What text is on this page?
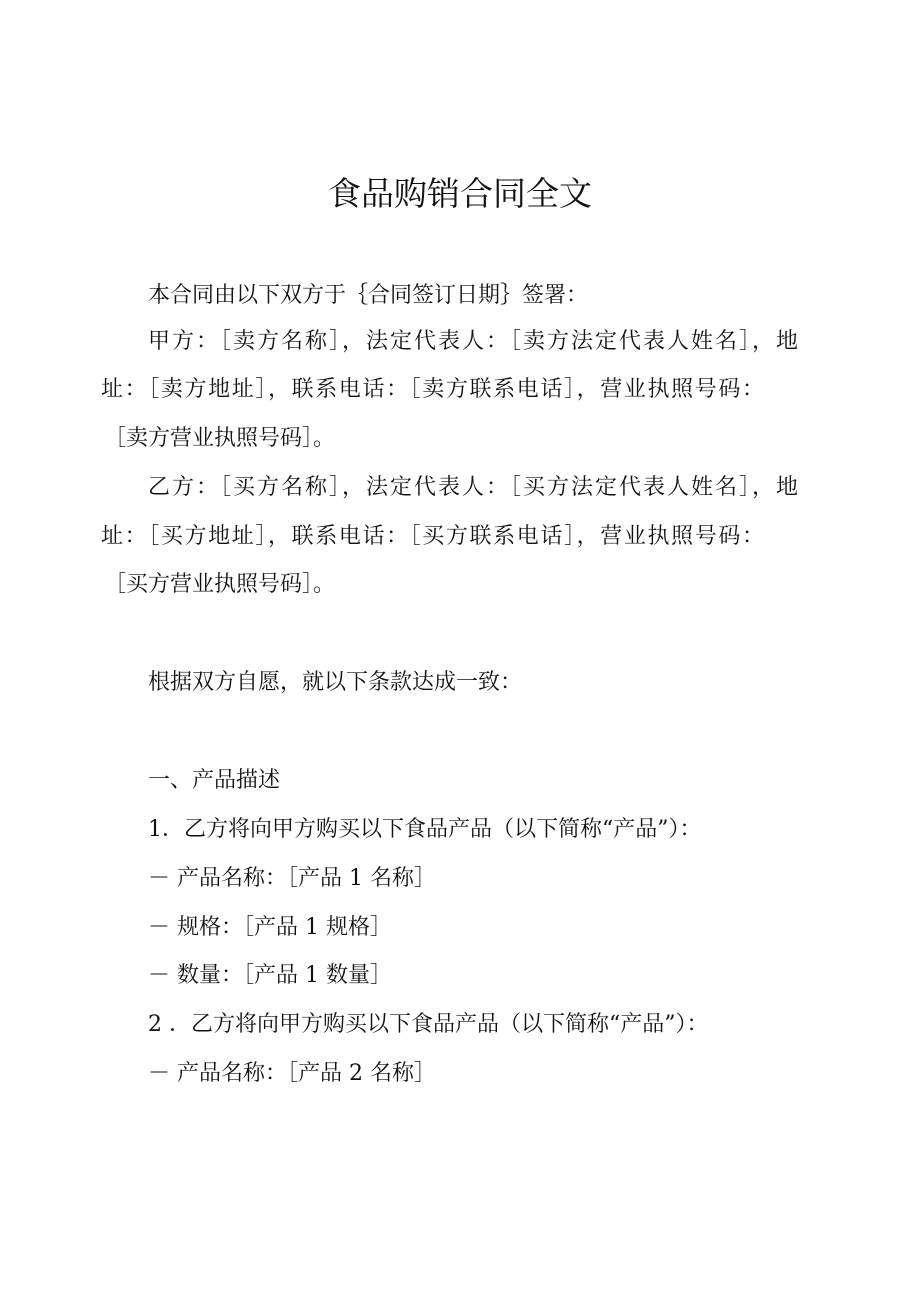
食品购销合同全文

本合同由以下双方于｛合同签订日期｝签署：

甲方：［卖方名称］，法定代表人：［卖方法定代表人姓名］，地

址：［卖方地址］，联系电话：［卖方联系电话］，营业执照号码：

［卖方营业执照号码］。

乙方：［买方名称］，法定代表人：［买方法定代表人姓名］，地

址：［买方地址］，联系电话：［买方联系电话］，营业执照号码：

［买方营业执照号码］。

根据双方自愿，就以下条款达成一致：

一、产品描述

1．乙方将向甲方购买以下食品产品（以下简称“产品”）：

－ 产品名称：［产品 1 名称］

－ 规格：［产品 1 规格］

－ 数量：［产品 1 数量］

2 ．乙方将向甲方购买以下食品产品（以下简称“产品”）：

－ 产品名称：［产品 2 名称］
